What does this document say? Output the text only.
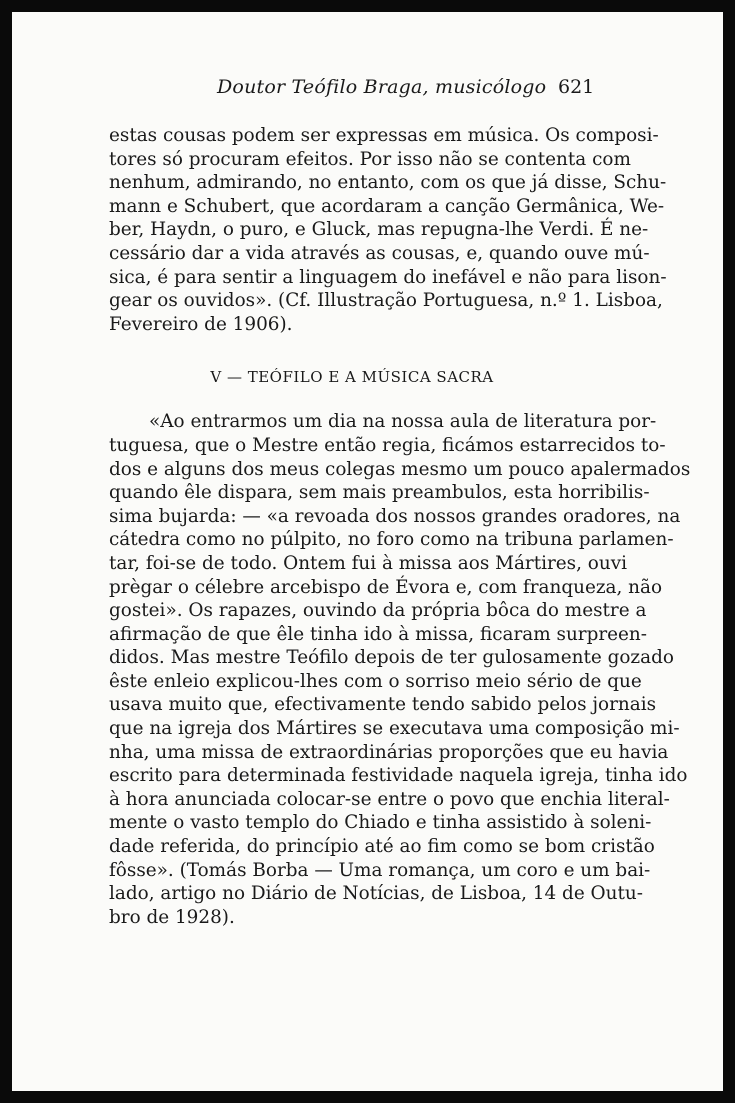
Doutor Teófilo Braga, musicólogo 621

estas cousas podem ser expressas em música. Os composi-
tores só procuram efeitos. Por isso não se contenta com
nenhum, admirando, no entanto, com os que já disse, Schu-
mann e Schubert, que acordaram a canção Germânica, We-
ber, Haydn, o puro, e Gluck, mas repugna-lhe Verdi. É ne-
cessário dar a vida através as cousas, e, quando ouve mú-
sica, é para sentir a linguagem do inefável e não para lison-
gear os ouvidos». (Cf. Illustração Portuguesa, n.º 1. Lisboa,
Fevereiro de 1906).

V — TEÓFILO E A MÚSICA SACRA

«Ao entrarmos um dia na nossa aula de literatura por-
tuguesa, que o Mestre então regia, ficámos estarrecidos to-
dos e alguns dos meus colegas mesmo um pouco apalermados
quando êle dispara, sem mais preambulos, esta horribilis-
sima bujarda: — «a revoada dos nossos grandes oradores, na
cátedra como no púlpito, no foro como na tribuna parlamen-
tar, foi-se de todo. Ontem fui à missa aos Mártires, ouvi
prègar o célebre arcebispo de Évora e, com franqueza, não
gostei». Os rapazes, ouvindo da própria bôca do mestre a
afirmação de que êle tinha ido à missa, ficaram surpreen-
didos. Mas mestre Teófilo depois de ter gulosamente gozado
êste enleio explicou-lhes com o sorriso meio sério de que
usava muito que, efectivamente tendo sabido pelos jornais
que na igreja dos Mártires se executava uma composição mi-
nha, uma missa de extraordinárias proporções que eu havia
escrito para determinada festividade naquela igreja, tinha ido
à hora anunciada colocar-se entre o povo que enchia literal-
mente o vasto templo do Chiado e tinha assistido à soleni-
dade referida, do princípio até ao fim como se bom cristão
fôsse». (Tomás Borba — Uma romança, um coro e um bai-
lado, artigo no Diário de Notícias, de Lisboa, 14 de Outu-
bro de 1928).
